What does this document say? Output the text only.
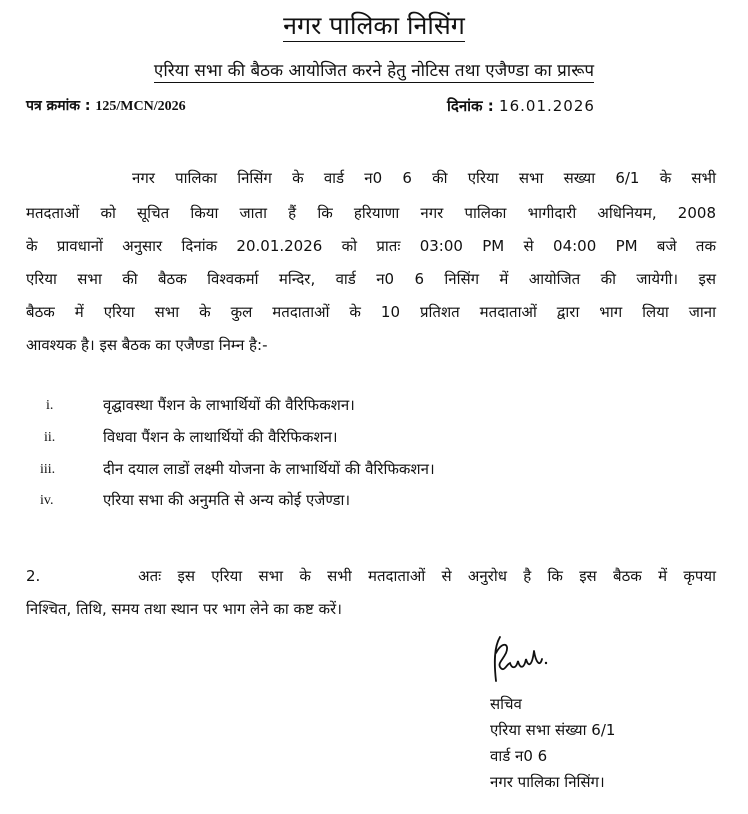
नगर पालिका निसिंग
एरिया सभा की बैठक आयोजित करने हेतु नोटिस तथा एजैण्डा का प्रारूप
पत्र क्रमांक : 125/MCN/2026	दिनांक : 16.01.2026
नगर पालिका निसिंग के वार्ड न0 6 की एरिया सभा सख्या 6/1 के सभी
मतदताओं को सूचित किया जाता हैं कि हरियाणा नगर पालिका भागीदारी अधिनियम, 2008
के प्रावधानों अनुसार दिनांक 20.01.2026 को प्रातः 03:00 PM से 04:00 PM बजे तक
एरिया सभा की बैठक विश्वकर्मा मन्दिर, वार्ड न0 6 निसिंग में आयोजित की जायेगी। इस
बैठक में एरिया सभा के कुल मतदाताओं के 10 प्रतिशत मतदाताओं द्वारा भाग लिया जाना
आवश्यक है। इस बैठक का एजैण्डा निम्न है:-
i.	वृद्घावस्था पैंशन के लाभार्थियों की वैरिफिकशन।
ii.	विधवा पैंशन के लाथार्थियों की वैरिफिकशन।
iii.	दीन दयाल लाडों लक्ष्मी योजना के लाभार्थियों की वैरिफिकशन।
iv.	एरिया सभा की अनुमति से अन्य कोई एजेण्डा।
2.      अतः इस एरिया सभा के सभी मतदाताओं से अनुरोध है कि इस बैठक में कृपया
निश्चित, तिथि, समय तथा स्थान पर भाग लेने का कष्ट करें।
सचिव
एरिया सभा संख्या 6/1
वार्ड न0 6
नगर पालिका निसिंग।
